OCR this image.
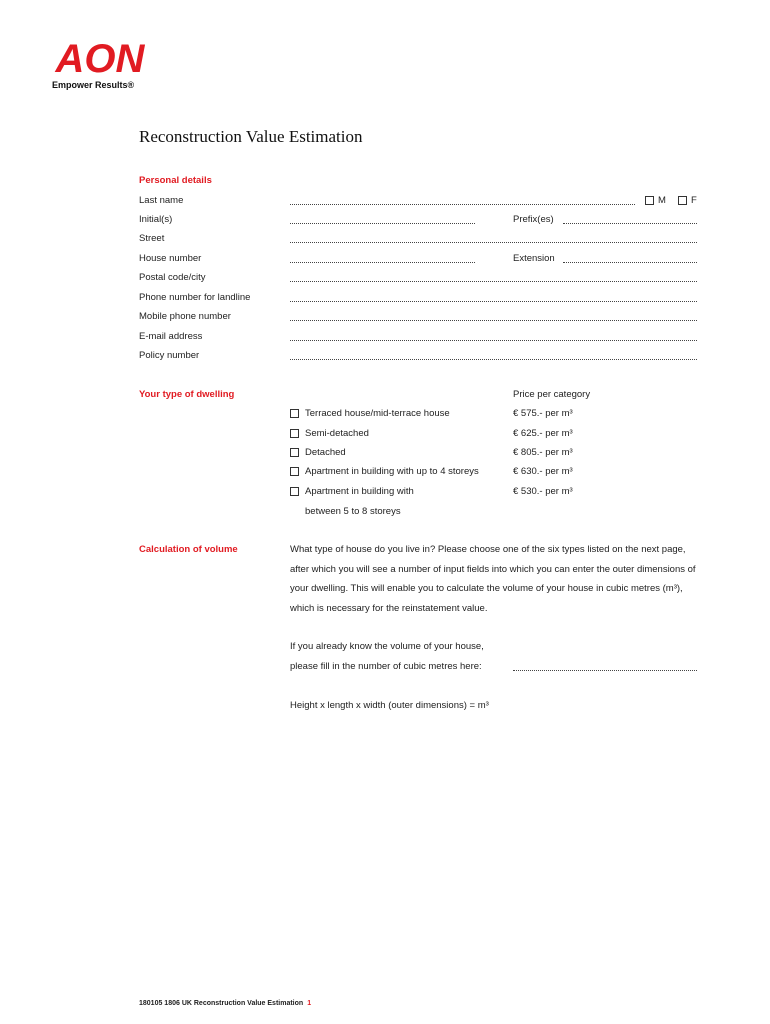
AON
Empower Results®
Reconstruction Value Estimation
Personal details
Last name	M	F
Initial(s)	Prefix(es)
Street
House number	Extension
Postal code/city
Phone number for landline
Mobile phone number
E-mail address
Policy number
Your type of dwelling	Price per category
Terraced house/mid-terrace house	€ 575.- per m³
Semi-detached	€ 625.- per m³
Detached	€ 805.- per m³
Apartment in building with up to 4 storeys	€ 630.- per m³
Apartment in building with	€ 530.- per m³
between 5 to 8 storeys
Calculation of volume	What type of house do you live in? Please choose one of the six types listed on the next page, after which you will see a number of input fields into which you can enter the outer dimensions of your dwelling. This will enable you to calculate the volume of your house in cubic metres (m³), which is necessary for the reinstatement value.
If you already know the volume of your house,
please fill in the number of cubic metres here:
Height x length x width (outer dimensions) = m³
180105 1806 UK Reconstruction Value Estimation 1
